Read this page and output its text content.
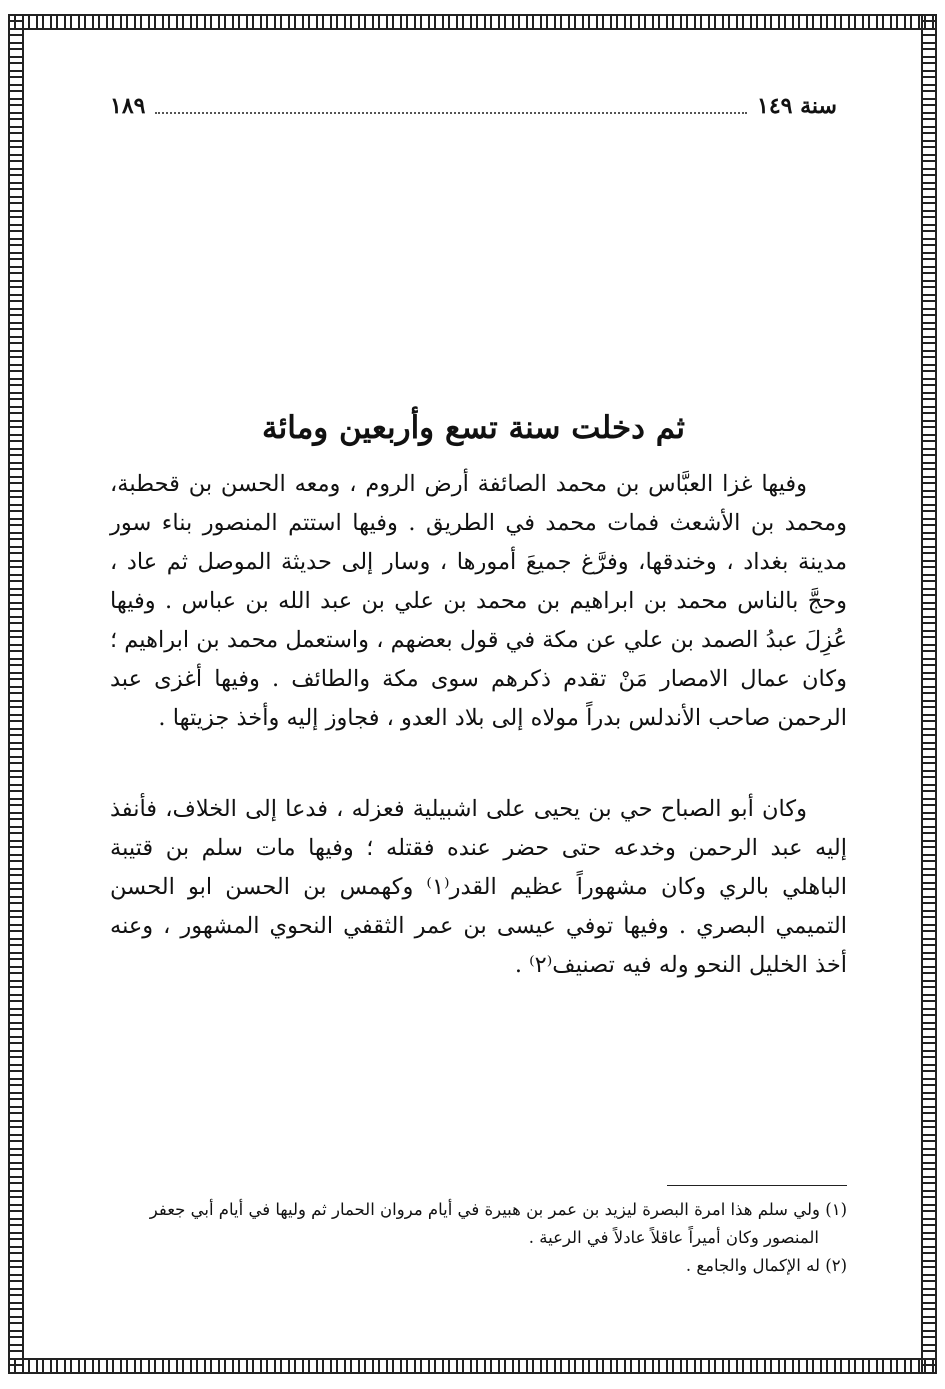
سنة ١٤٩
١٨٩
ثم دخلت سنة تسع وأربعين ومائة

وفيها غزا العبَّاس بن محمد الصائفة أرض الروم ، ومعه الحسن بن قحطبة، ومحمد بن الأشعث فمات محمد في الطريق . وفيها استتم المنصور بناء سور مدينة بغداد ، وخندقها، وفرَّغ جميعَ أمورها ، وسار إلى حديثة الموصل ثم عاد ، وحجَّ بالناس محمد بن ابراهيم بن محمد بن علي بن عبد الله بن عباس . وفيها عُزِلَ عبدُ الصمد بن علي عن مكة في قول بعضهم ، واستعمل محمد بن ابراهيم ؛ وكان عمال الامصار مَنْ تقدم ذكرهم سوى مكة والطائف . وفيها أغزى عبد الرحمن صاحب الأندلس بدراً مولاه إلى بلاد العدو ، فجاوز إليه وأخذ جزيتها .

وكان أبو الصباح حي بن يحيى على اشبيلية فعزله ، فدعا إلى الخلاف، فأنفذ إليه عبد الرحمن وخدعه حتى حضر عنده فقتله ؛ وفيها مات سلم بن قتيبة الباهلي بالري وكان مشهوراً عظيم القدر⁽١⁾ وكهمس بن الحسن ابو الحسن التميمي البصري . وفيها توفي عيسى بن عمر الثقفي النحوي المشهور ، وعنه أخذ الخليل النحو وله فيه تصنيف⁽٢⁾ .

(١) ولي سلم هذا امرة البصرة ليزيد بن عمر بن هبيرة في أيام مروان الحمار ثم وليها في أيام أبي جعفر

المنصور وكان أميراً عاقلاً عادلاً في الرعية .

(٢) له الإكمال والجامع .
